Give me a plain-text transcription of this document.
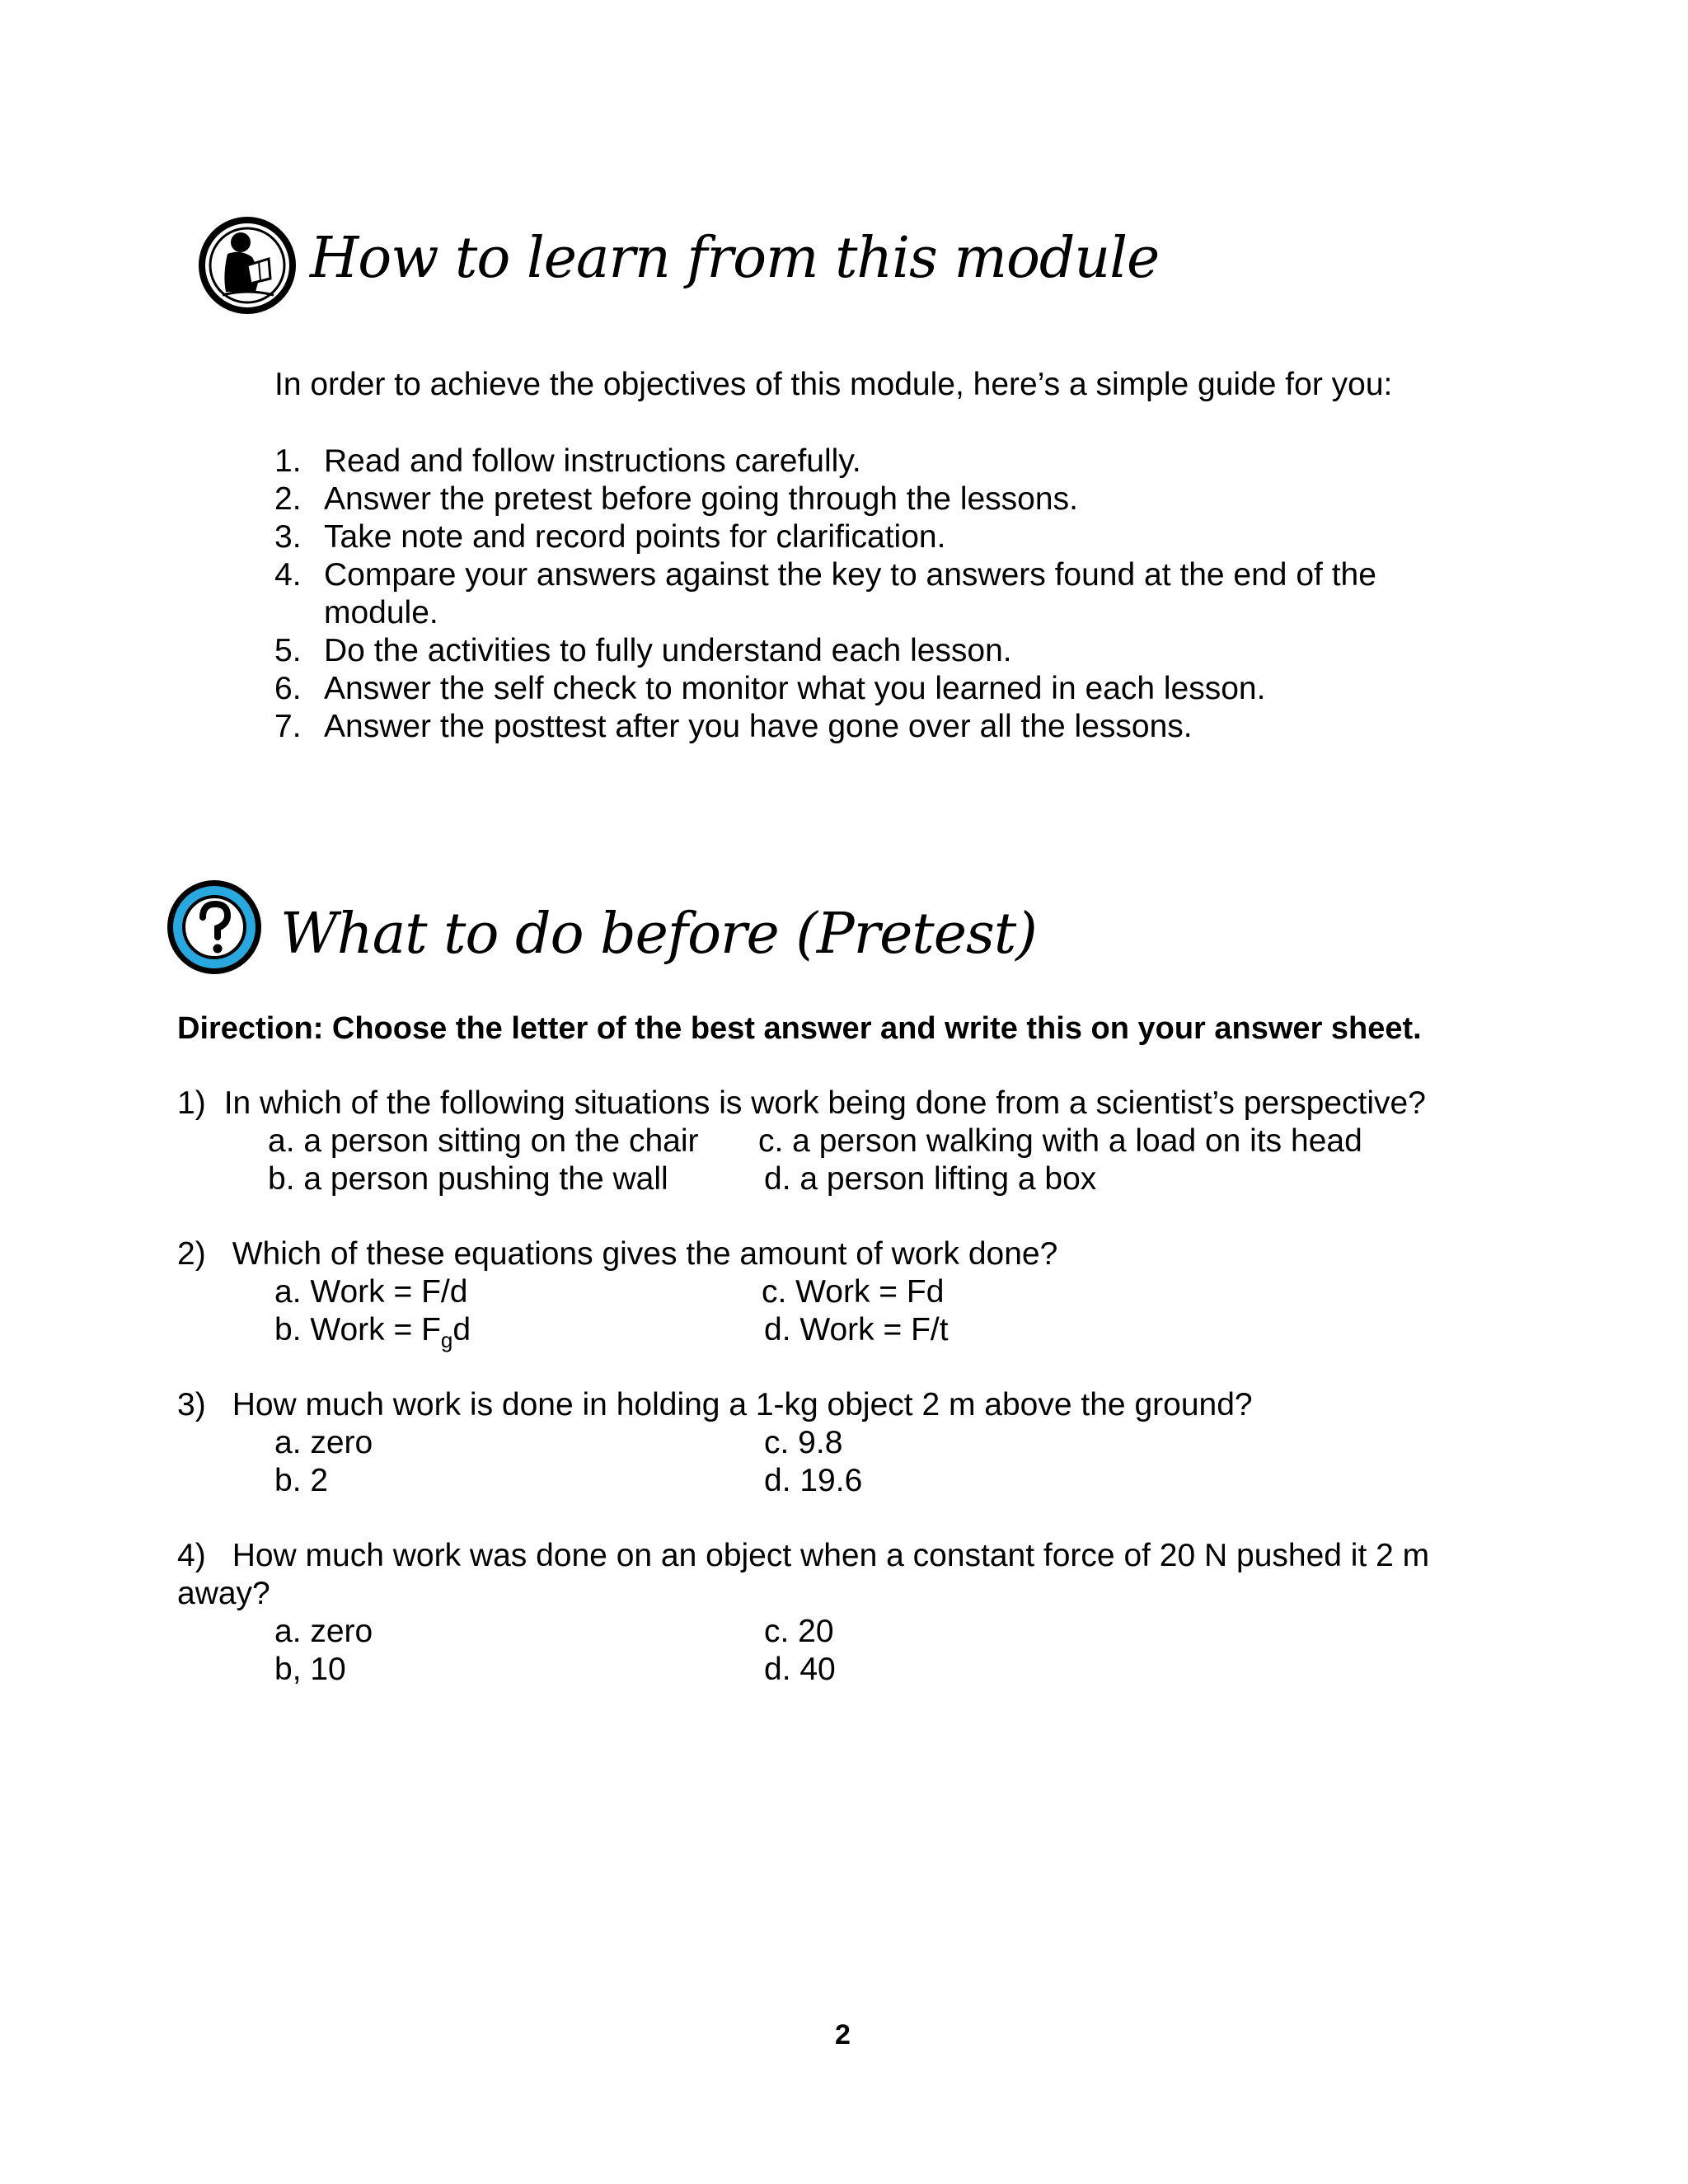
How to learn from this module
In order to achieve the objectives of this module, here’s a simple guide for you:
1. Read and follow instructions carefully.
2. Answer the pretest before going through the lessons.
3. Take note and record points for clarification.
4. Compare your answers against the key to answers found at the end of the module.
5. Do the activities to fully understand each lesson.
6. Answer the self check to monitor what you learned in each lesson.
7. Answer the posttest after you have gone over all the lessons.
What to do before (Pretest)
Direction: Choose the letter of the best answer and write this on your answer sheet.
1) In which of the following situations is work being done from a scientist’s perspective?
a. a person sitting on the chair c. a person walking with a load on its head
b. a person pushing the wall	d. a person lifting a box
2) Which of these equations gives the amount of work done?
a. Work = F/d	c. Work = Fd
b. Work = $F_gd$	d. Work = F/t
3) How much work is done in holding a 1-kg object 2 m above the ground?
a. zero	c. 9.8
b. 2	d. 19.6
4) How much work was done on an object when a constant force of 20 N pushed it 2 m
away?
a. zero	c. 20
b, 10	d. 40
2
